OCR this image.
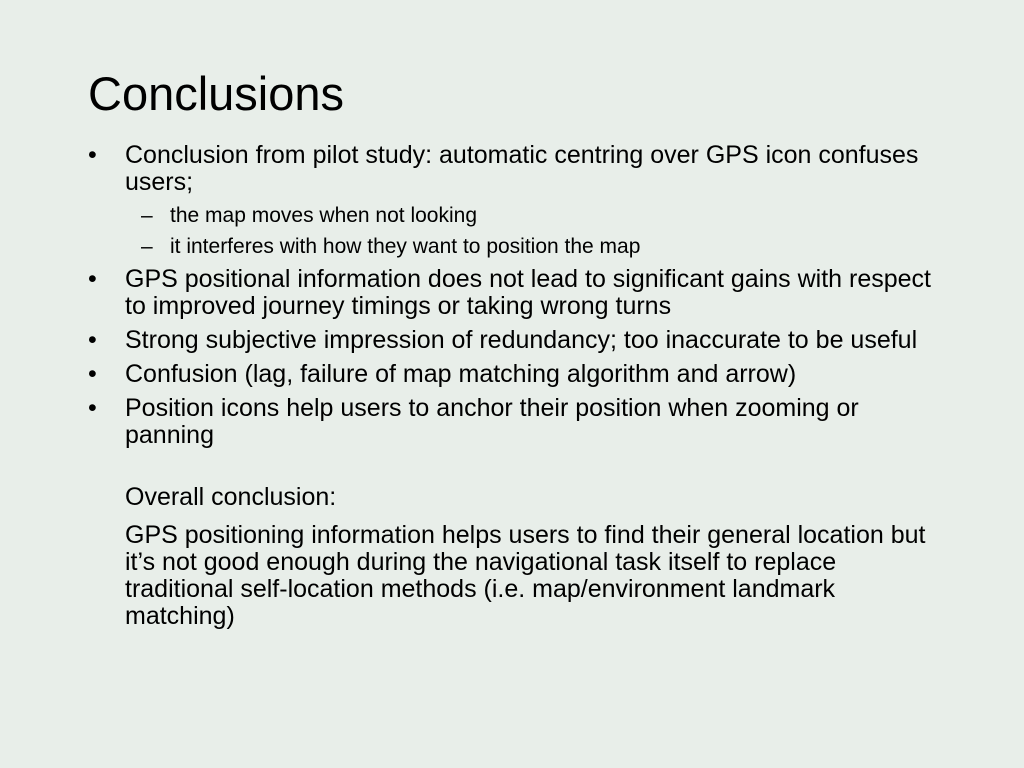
Conclusions
• Conclusion from pilot study: automatic centring over GPS icon confuses users;
– the map moves when not looking
– it interferes with how they want to position the map
• GPS positional information does not lead to significant gains with respect to improved journey timings or taking wrong turns
• Strong subjective impression of redundancy; too inaccurate to be useful
• Confusion (lag, failure of map matching algorithm and arrow)
• Position icons help users to anchor their position when zooming or panning
Overall conclusion:
GPS positioning information helps users to find their general location but it’s not good enough during the navigational task itself to replace traditional self-location methods (i.e. map/environment landmark matching)
